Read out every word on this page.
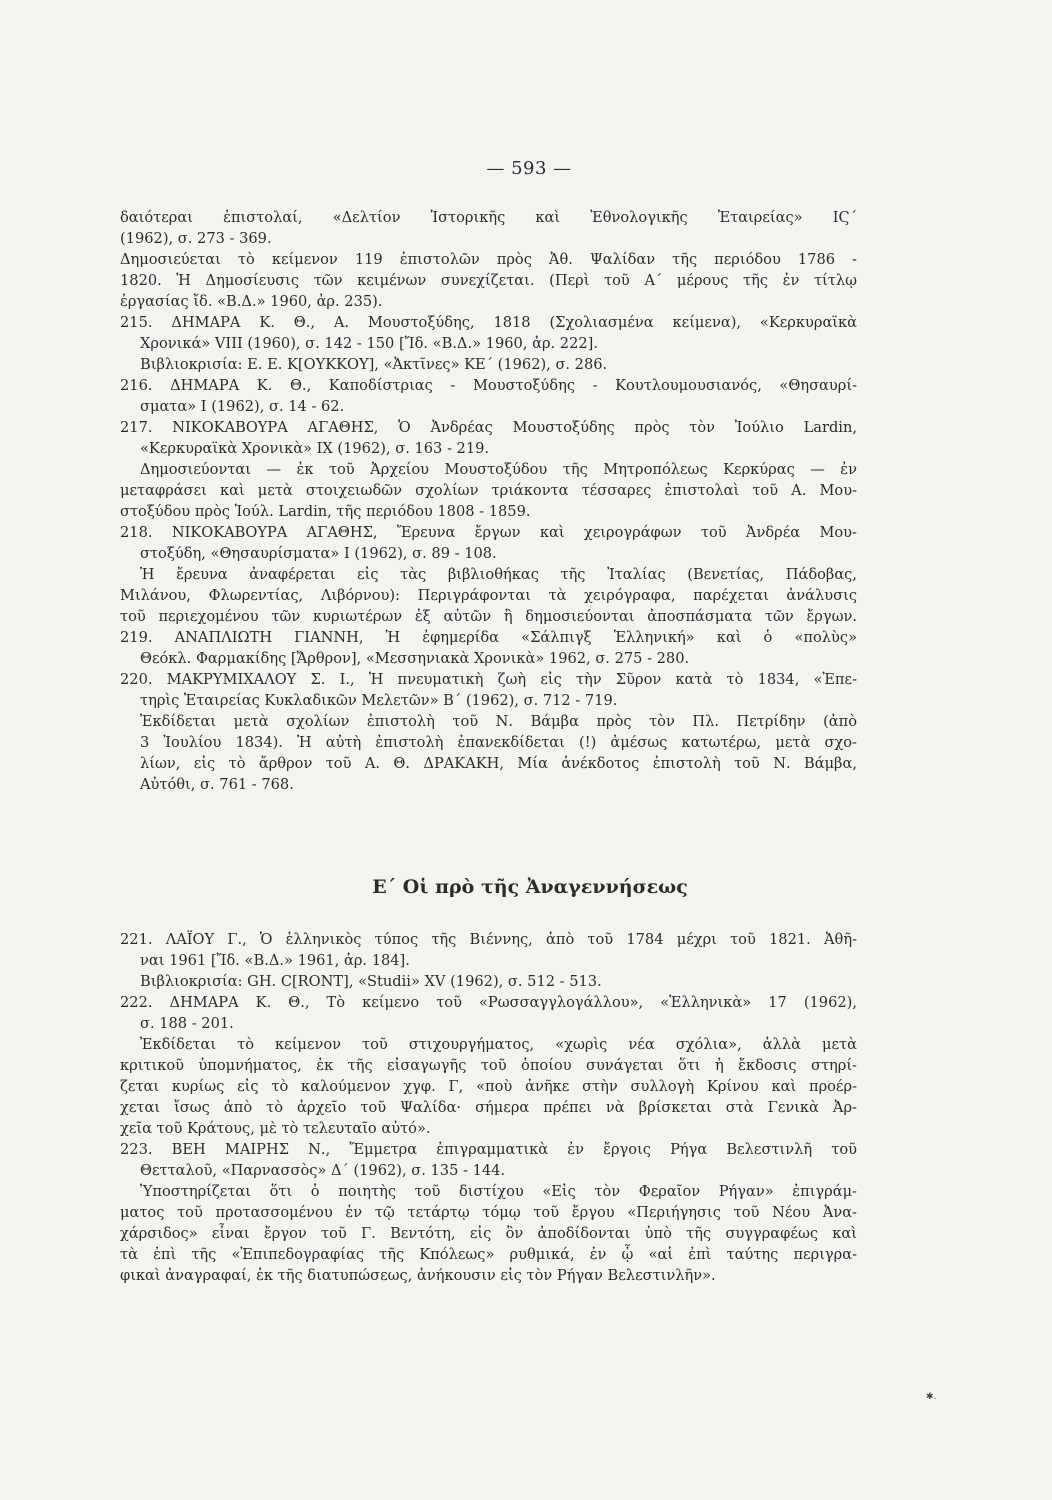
— 593 —
δαιότεραι ἐπιστολαί, «Δελτίον Ἱστορικῆς καὶ Ἐθνολογικῆς Ἑταιρείας» ΙϚ΄
(1962), σ. 273 - 369.
Δημοσιεύεται τὸ κείμενον 119 ἐπιστολῶν πρὸς Ἀθ. Ψαλίδαν τῆς περιόδου 1786 -
1820. Ἡ Δημοσίευσις τῶν κειμένων συνεχίζεται. (Περὶ τοῦ Α΄ μέρους τῆς ἐν τίτλῳ
ἐργασίας ἴδ. «Β.Δ.» 1960, ἀρ. 235).
215. ΔΗΜΑΡΑ Κ. Θ., Α. Μουστοξύδης, 1818 (Σχολιασμένα κείμενα), «Κερκυραϊκὰ
Χρονικά» VIII (1960), σ. 142 - 150 [Ἴδ. «Β.Δ.» 1960, ἀρ. 222].
Βιβλιοκρισία: Ε. Ε. Κ[ΟΥΚΚΟΥ], «Ἀκτῖνες» ΚΕ΄ (1962), σ. 286.
216. ΔΗΜΑΡΑ Κ. Θ., Καποδίστριας - Μουστοξύδης - Κουτλουμουσιανός, «Θησαυρί-
σματα» Ι (1962), σ. 14 - 62.
217. ΝΙΚΟΚΑΒΟΥΡΑ ΑΓΑΘΗΣ, Ὁ Ἀνδρέας Μουστοξύδης πρὸς τὸν Ἰούλιο Lardin,
«Κερκυραϊκὰ Χρονικὰ» ΙΧ (1962), σ. 163 - 219.
Δημοσιεύονται — ἐκ τοῦ Ἀρχείου Μουστοξύδου τῆς Μητροπόλεως Κερκύρας — ἐν
μεταφράσει καὶ μετὰ στοιχειωδῶν σχολίων τριάκοντα τέσσαρες ἐπιστολαὶ τοῦ Α. Μου-
στοξύδου πρὸς Ἰούλ. Lardin, τῆς περιόδου 1808 - 1859.
218. ΝΙΚΟΚΑΒΟΥΡΑ ΑΓΑΘΗΣ, Ἔρευνα ἔργων καὶ χειρογράφων τοῦ Ἀνδρέα Μου-
στοξύδη, «Θησαυρίσματα» Ι (1962), σ. 89 - 108.
Ἡ ἔρευνα ἀναφέρεται εἰς τὰς βιβλιοθήκας τῆς Ἰταλίας (Βενετίας, Πάδοβας,
Μιλάνου, Φλωρεντίας, Λιβόρνου): Περιγράφονται τὰ χειρόγραφα, παρέχεται ἀνάλυσις
τοῦ περιεχομένου τῶν κυριωτέρων ἐξ αὐτῶν ἢ δημοσιεύονται ἀποσπάσματα τῶν ἔργων.
219. ΑΝΑΠΛΙΩΤΗ ΓΙΑΝΝΗ, Ἡ ἐφημερίδα «Σάλπιγξ Ἑλληνική» καὶ ὁ «πολὺς»
Θεόκλ. Φαρμακίδης [Ἄρθρον], «Μεσσηνιακὰ Χρονικὰ» 1962, σ. 275 - 280.
220. ΜΑΚΡΥΜΙΧΑΛΟΥ Σ. Ι., Ἡ πνευματικὴ ζωὴ εἰς τὴν Σῦρον κατὰ τὸ 1834, «Ἐπε-
τηρὶς Ἑταιρείας Κυκλαδικῶν Μελετῶν» Β΄ (1962), σ. 712 - 719.
Ἐκδίδεται μετὰ σχολίων ἐπιστολὴ τοῦ Ν. Βάμβα πρὸς τὸν Πλ. Πετρίδην (ἀπὸ
3 Ἰουλίου 1834). Ἡ αὐτὴ ἐπιστολὴ ἐπανεκδίδεται (!) ἀμέσως κατωτέρω, μετὰ σχο-
λίων, εἰς τὸ ἄρθρον τοῦ Α. Θ. ΔΡΑΚΑΚΗ, Μία ἀνέκδοτος ἐπιστολὴ τοῦ Ν. Βάμβα,
Αὐτόθι, σ. 761 - 768.
Ε΄ Οἱ πρὸ τῆς Ἀναγεννήσεως
221. ΛΑΪΟΥ Γ., Ὁ ἑλληνικὸς τύπος τῆς Βιέννης, ἀπὸ τοῦ 1784 μέχρι τοῦ 1821. Ἀθῆ-
ναι 1961 [Ἴδ. «Β.Δ.» 1961, ἀρ. 184].
Βιβλιοκρισία: GH. C[RONT], «Studii» XV (1962), σ. 512 - 513.
222. ΔΗΜΑΡΑ Κ. Θ., Τὸ κείμενο τοῦ «Ρωσσαγγλογάλλου», «Ἑλληνικὰ» 17 (1962),
σ. 188 - 201.
Ἐκδίδεται τὸ κείμενον τοῦ στιχουργήματος, «χωρὶς νέα σχόλια», ἀλλὰ μετὰ
κριτικοῦ ὑπομνήματος, ἐκ τῆς εἰσαγωγῆς τοῦ ὁποίου συνάγεται ὅτι ἡ ἔκδοσις στηρί-
ζεται κυρίως εἰς τὸ καλούμενον χγφ. Γ, «ποὺ ἀνῆκε στὴν συλλογὴ Κρίνου καὶ προέρ-
χεται ἴσως ἀπὸ τὸ ἀρχεῖο τοῦ Ψαλίδα· σήμερα πρέπει νὰ βρίσκεται στὰ Γενικὰ Ἀρ-
χεῖα τοῦ Κράτους, μὲ τὸ τελευταῖο αὐτό».
223. ΒΕΗ ΜΑΙΡΗΣ Ν., Ἔμμετρα ἐπιγραμματικὰ ἐν ἔργοις Ρήγα Βελεστινλῆ τοῦ
Θετταλοῦ, «Παρνασσὸς» Δ΄ (1962), σ. 135 - 144.
Ὑποστηρίζεται ὅτι ὁ ποιητὴς τοῦ διστίχου «Εἰς τὸν Φεραῖον Ρήγαν» ἐπιγράμ-
ματος τοῦ προτασσομένου ἐν τῷ τετάρτῳ τόμῳ τοῦ ἔργου «Περιήγησις τοῦ Νέου Ἀνα-
χάρσιδος» εἶναι ἔργον τοῦ Γ. Βεντότη, εἰς ὃν ἀποδίδονται ὑπὸ τῆς συγγραφέως καὶ
τὰ ἐπὶ τῆς «Ἐπιπεδογραφίας τῆς Κπόλεως» ρυθμικά, ἐν ᾧ «αἱ ἐπὶ ταύτης περιγρα-
φικαὶ ἀναγραφαί, ἐκ τῆς διατυπώσεως, ἀνήκουσιν εἰς τὸν Ρήγαν Βελεστινλῆν».
✱.
